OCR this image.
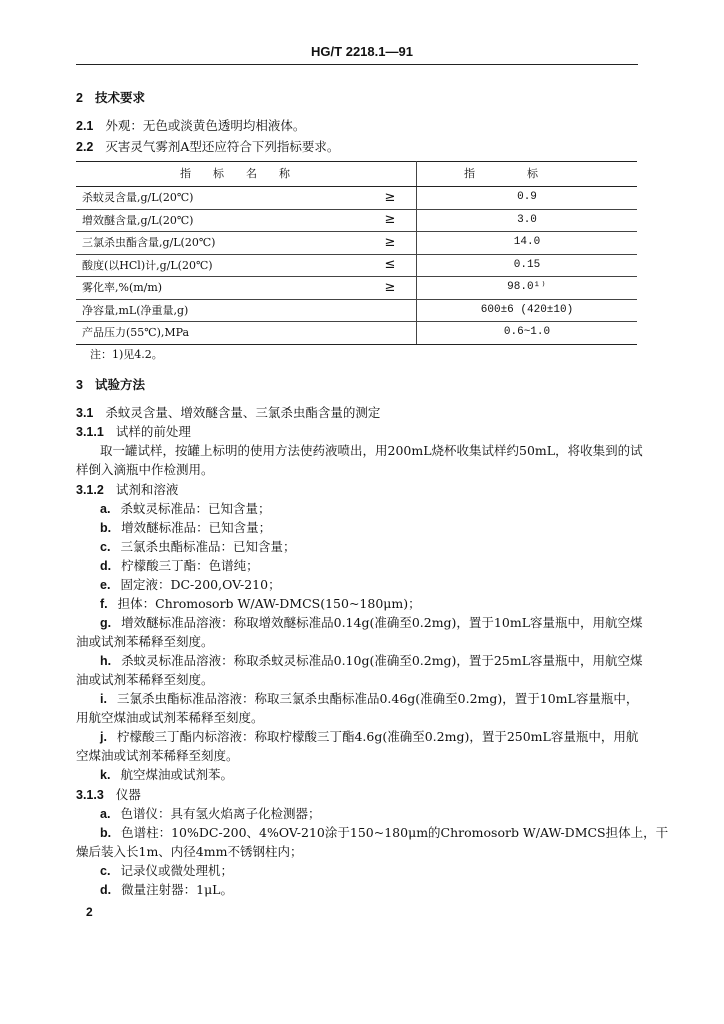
HG/T 2218.1—91
2 技术要求
2.1 外观：无色或淡黄色透明均相液体。
2.2 灭害灵气雾剂A型还应符合下列指标要求。
指标名称		指标
杀蚊灵含量,g/L(20℃)	≥	0.9
增效醚含量,g/L(20℃)	≥	3.0
三氯杀虫酯含量,g/L(20℃)	≥	14.0
酸度(以HCl)计,g/L(20℃)	≤	0.15
雾化率,%(m/m)	≥	98.0¹⁾
净容量,mL(净重量,g)		600±6 (420±10)
产品压力(55℃),MPa		0.6~1.0
注：1)见4.2。
3 试验方法
3.1 杀蚊灵含量、增效醚含量、三氯杀虫酯含量的测定
3.1.1 试样的前处理
取一罐试样，按罐上标明的使用方法使药液喷出，用200mL烧杯收集试样约50mL，将收集到的试
样倒入滴瓶中作检测用。
3.1.2 试剂和溶液
a. 杀蚊灵标准品：已知含量；
b. 增效醚标准品：已知含量；
c. 三氯杀虫酯标准品：已知含量；
d. 柠檬酸三丁酯：色谱纯；
e. 固定液：DC-200,OV-210；
f. 担体：Chromosorb W/AW-DMCS(150~180μm)；
g. 增效醚标准品溶液：称取增效醚标准品0.14g(准确至0.2mg)，置于10mL容量瓶中，用航空煤
油或试剂苯稀释至刻度。
h. 杀蚊灵标准品溶液：称取杀蚊灵标准品0.10g(准确至0.2mg)，置于25mL容量瓶中，用航空煤
油或试剂苯稀释至刻度。
i. 三氯杀虫酯标准品溶液：称取三氯杀虫酯标准品0.46g(准确至0.2mg)，置于10mL容量瓶中，
用航空煤油或试剂苯稀释至刻度。
j. 柠檬酸三丁酯内标溶液：称取柠檬酸三丁酯4.6g(准确至0.2mg)，置于250mL容量瓶中，用航
空煤油或试剂苯稀释至刻度。
k. 航空煤油或试剂苯。
3.1.3 仪器
a. 色谱仪：具有氢火焰离子化检测器；
b. 色谱柱：10%DC-200、4%OV-210涂于150~180μm的Chromosorb W/AW-DMCS担体上，干
燥后装入长1m、内径4mm不锈钢柱内；
c. 记录仪或微处理机；
d. 微量注射器：1μL。
2
